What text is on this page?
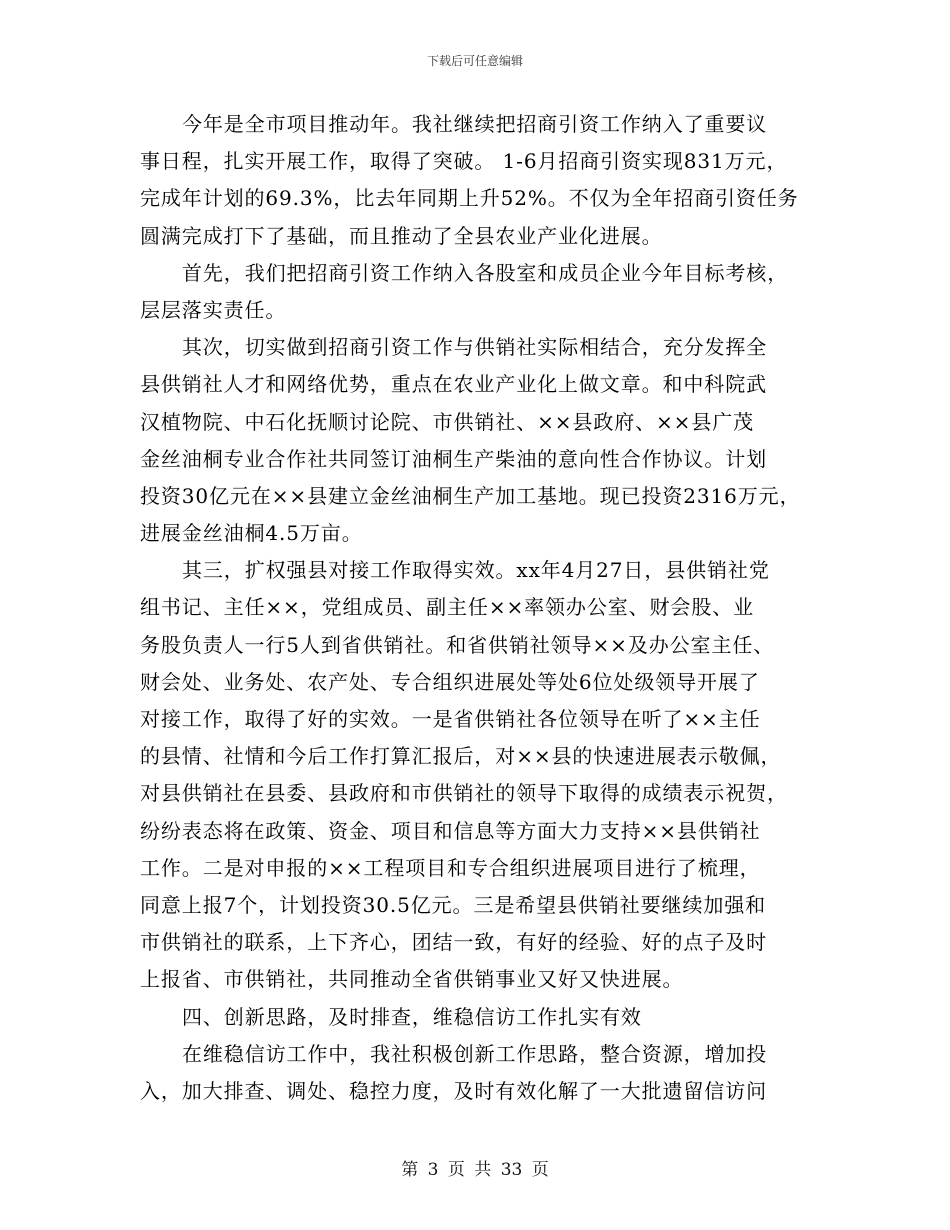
下载后可任意编辑
今年是全市项目推动年。我社继续把招商引资工作纳入了重要议
事日程，扎实开展工作，取得了突破。 1-6月招商引资实现831万元，
完成年计划的69.3%，比去年同期上升52%。不仅为全年招商引资任务
圆满完成打下了基础，而且推动了全县农业产业化进展。
首先，我们把招商引资工作纳入各股室和成员企业今年目标考核，
层层落实责任。
其次，切实做到招商引资工作与供销社实际相结合，充分发挥全
县供销社人才和网络优势，重点在农业产业化上做文章。和中科院武
汉植物院、中石化抚顺讨论院、市供销社、××县政府、××县广茂
金丝油桐专业合作社共同签订油桐生产柴油的意向性合作协议。计划
投资30亿元在××县建立金丝油桐生产加工基地。现已投资2316万元，
进展金丝油桐4.5万亩。
其三，扩权强县对接工作取得实效。xx年4月27日，县供销社党
组书记、主任××，党组成员、副主任××率领办公室、财会股、业
务股负责人一行5人到省供销社。和省供销社领导××及办公室主任、
财会处、业务处、农产处、专合组织进展处等处6位处级领导开展了
对接工作，取得了好的实效。一是省供销社各位领导在听了××主任
的县情、社情和今后工作打算汇报后，对××县的快速进展表示敬佩，
对县供销社在县委、县政府和市供销社的领导下取得的成绩表示祝贺，
纷纷表态将在政策、资金、项目和信息等方面大力支持××县供销社
工作。二是对申报的××工程项目和专合组织进展项目进行了梳理，
同意上报7个，计划投资30.5亿元。三是希望县供销社要继续加强和
市供销社的联系，上下齐心，团结一致，有好的经验、好的点子及时
上报省、市供销社，共同推动全省供销事业又好又快进展。
四、创新思路，及时排查，维稳信访工作扎实有效
在维稳信访工作中，我社积极创新工作思路，整合资源，增加投
入，加大排查、调处、稳控力度，及时有效化解了一大批遗留信访问
第 3 页 共 33 页
